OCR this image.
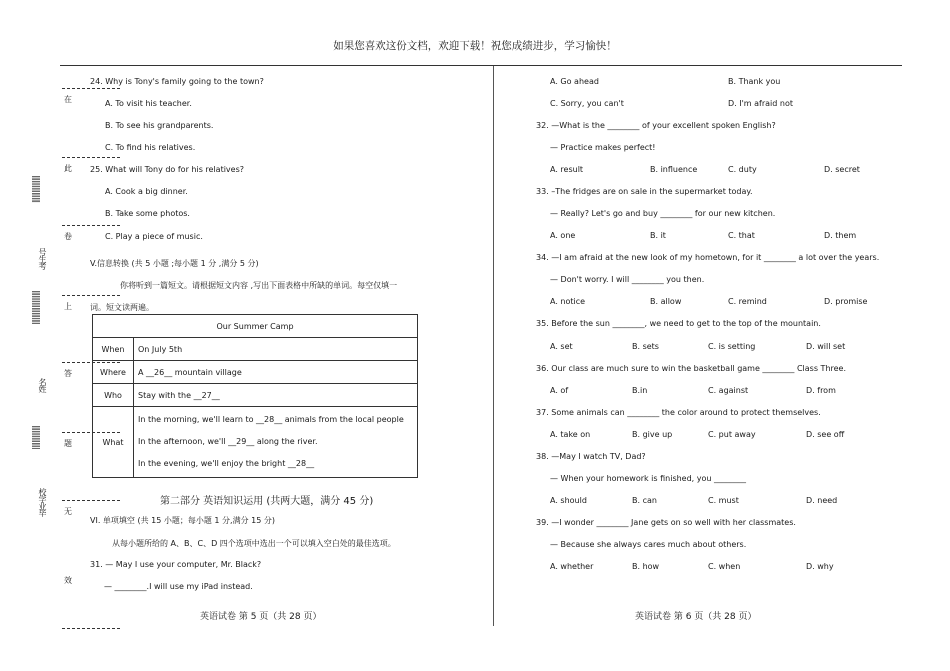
如果您喜欢这份文档，欢迎下载！祝您成绩进步，学习愉快！
在
此
卷
上
答
题
无
效
||||||||||||||||
号生考
||||||||||||||||||||
名姓
||||||||||||||
校学业毕
24. Why is Tony's family going to the town?
A. To visit his teacher.
B. To see his grandparents.
C. To find his relatives.
25. What will Tony do for his relatives?
A. Cook a big dinner.
B. Take some photos.
C. Play a piece of music.
V.信息转换 (共 5 小题 ;每小题 1 分 ,满分 5 分)
你将听到一篇短文。请根据短文内容 ,写出下面表格中所缺的单词。每空仅填一
词。短文读两遍。
Our Summer Camp	
When	On July 5th
Where	A __26__ mountain village
Who	Stay with the __27__
What	In the morning, we'll learn to __28__ animals from the local people
In the afternoon, we'll __29__ along the river.
In the evening, we'll enjoy the bright __28__
第二部分 英语知识运用 (共两大题，满分 45 分)
VI. 单项填空 (共 15 小题；每小题 1 分,满分 15 分)
从每小题所给的 A、B、C、D 四个选项中选出一个可以填入空白处的最佳选项。
31. — May I use your computer, Mr. Black?
— ________.I will use my iPad instead.
英语试卷 第 5 页（共 28 页）
A. Go ahead	B. Thank you
C. Sorry, you can't	D. I'm afraid not
32. —What is the ________ of your excellent spoken English?
— Practice makes perfect!
A. result	B. influence	C. duty	D. secret
33. –The fridges are on sale in the supermarket today.
— Really? Let's go and buy ________ for our new kitchen.
A. one	B. it	C. that	D. them
34. —I am afraid at the new look of my hometown, for it ________ a lot over the years.
— Don't worry. I will ________ you then.
A. notice	B. allow	C. remind	D. promise
35. Before the sun ________, we need to get to the top of the mountain.
A. set	B. sets	C. is setting	D. will set
36. Our class are much sure to win the basketball game ________ Class Three.
A. of	B.in	C. against	D. from
37. Some animals can ________ the color around to protect themselves.
A. take on	B. give up	C. put away	D. see off
38. —May I watch TV, Dad?
— When your homework is finished, you ________
A. should	B. can	C. must	D. need
39. —I wonder ________ Jane gets on so well with her classmates.
— Because she always cares much about others.
A. whether	B. how	C. when	D. why
英语试卷 第 6 页（共 28 页）
